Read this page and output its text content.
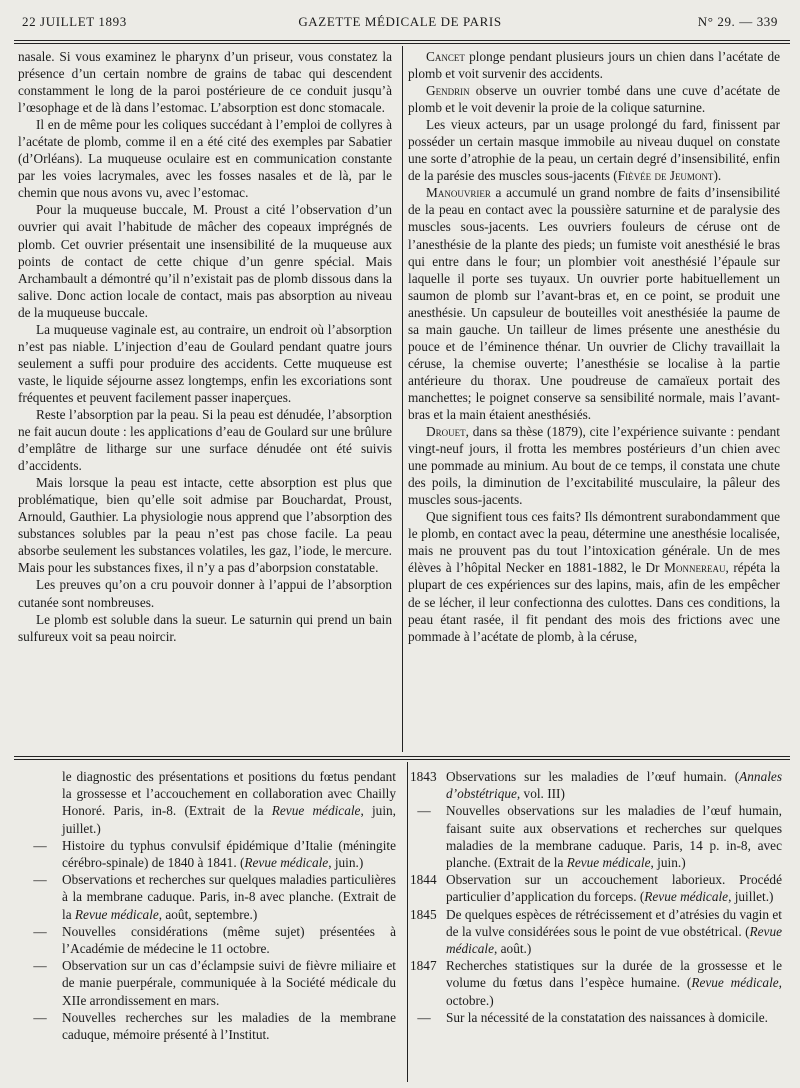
22 JUILLET 1893	GAZETTE MÉDICALE DE PARIS	N° 29. — 339

nasale. Si vous examinez le pharynx d’un priseur, vous constatez la présence d’un certain nombre de grains de tabac qui descendent constamment le long de la paroi postérieure de ce conduit jusqu’à l’œsophage et de là dans l’estomac. L’absorption est donc stomacale.

Il en de même pour les coliques succédant à l’emploi de collyres à l’acétate de plomb, comme il en a été cité des exemples par Sabatier (d’Orléans). La muqueuse oculaire est en communication constante par les voies lacrymales, avec les fosses nasales et de là, par le chemin que nous avons vu, avec l’estomac.

Pour la muqueuse buccale, M. Proust a cité l’observation d’un ouvrier qui avait l’habitude de mâcher des copeaux imprégnés de plomb. Cet ouvrier présentait une insensibilité de la muqueuse aux points de contact de cette chique d’un genre spécial. Mais Archambault a démontré qu’il n’existait pas de plomb dissous dans la salive. Donc action locale de contact, mais pas absorption au niveau de la muqueuse buccale.

La muqueuse vaginale est, au contraire, un endroit où l’absorption n’est pas niable. L’injection d’eau de Goulard pendant quatre jours seulement a suffi pour produire des accidents. Cette muqueuse est vaste, le liquide séjourne assez longtemps, enfin les excoriations sont fréquentes et peuvent facilement passer inaperçues.

Reste l’absorption par la peau. Si la peau est dénudée, l’absorption ne fait aucun doute : les applications d’eau de Goulard sur une brûlure d’emplâtre de litharge sur une surface dénudée ont été suivis d’accidents.

Mais lorsque la peau est intacte, cette absorption est plus que problématique, bien qu’elle soit admise par Bouchardat, Proust, Arnould, Gauthier. La physiologie nous apprend que l’absorption des substances solubles par la peau n’est pas chose facile. La peau absorbe seulement les substances volatiles, les gaz, l’iode, le mercure. Mais pour les substances fixes, il n’y a pas d’aborpsion constatable.

Les preuves qu’on a cru pouvoir donner à l’appui de l’absorption cutanée sont nombreuses.

Le plomb est soluble dans la sueur. Le saturnin qui prend un bain sulfureux voit sa peau noircir.

Cancet plonge pendant plusieurs jours un chien dans l’acétate de plomb et voit survenir des accidents.

Gendrin observe un ouvrier tombé dans une cuve d’acétate de plomb et le voit devenir la proie de la colique saturnine.

Les vieux acteurs, par un usage prolongé du fard, finissent par posséder un certain masque immobile au niveau duquel on constate une sorte d’atrophie de la peau, un certain degré d’insensibilité, enfin de la parésie des muscles sous-jacents (Fièvée de Jeumont).

Manouvrier a accumulé un grand nombre de faits d’insensibilité de la peau en contact avec la poussière saturnine et de paralysie des muscles sous-jacents. Les ouvriers fouleurs de céruse ont de l’anesthésie de la plante des pieds; un fumiste voit anesthésié le bras qui entre dans le four; un plombier voit anesthésié l’épaule sur laquelle il porte ses tuyaux. Un ouvrier porte habituellement un saumon de plomb sur l’avant-bras et, en ce point, se produit une anesthésie. Un capsuleur de bouteilles voit anesthésiée la paume de sa main gauche. Un tailleur de limes présente une anesthésie du pouce et de l’éminence thénar. Un ouvrier de Clichy travaillait la céruse, la chemise ouverte; l’anesthésie se localise à la partie antérieure du thorax. Une poudreuse de camaïeux portait des manchettes; le poignet conserve sa sensibilité normale, mais l’avant-bras et la main étaient anesthésiés.

Drouet, dans sa thèse (1879), cite l’expérience suivante : pendant vingt-neuf jours, il frotta les membres postérieurs d’un chien avec une pommade au minium. Au bout de ce temps, il constata une chute des poils, la diminution de l’excitabilité musculaire, la pâleur des muscles sous-jacents.

Que signifient tous ces faits? Ils démontrent surabondamment que le plomb, en contact avec la peau, détermine une anesthésie localisée, mais ne prouvent pas du tout l’intoxication générale. Un de mes élèves à l’hôpital Necker en 1881-1882, le Dr Monnereau, répéta la plupart de ces expériences sur des lapins, mais, afin de les empêcher de se lécher, il leur confectionna des culottes. Dans ces conditions, la peau étant rasée, il fit pendant des mois des frictions avec une pommade à l’acétate de plomb, à la céruse,

le diagnostic des présentations et positions du fœtus pendant la grossesse et l’accouchement en collaboration avec Chailly Honoré. Paris, in-8. (Extrait de la Revue médicale, juin, juillet.)
—	Histoire du typhus convulsif épidémique d’Italie (méningite cérébro-spinale) de 1840 à 1841. (Revue médicale, juin.)
—	Observations et recherches sur quelques maladies particulières à la membrane caduque. Paris, in-8 avec planche. (Extrait de la Revue médicale, août, septembre.)
—	Nouvelles considérations (même sujet) présentées à l’Académie de médecine le 11 octobre.
—	Observation sur un cas d’éclampsie suivi de fièvre miliaire et de manie puerpérale, communiquée à la Société médicale du XIIe arrondissement en mars.
—	Nouvelles recherches sur les maladies de la membrane caduque, mémoire présenté à l’Institut.
1843 Observations sur les maladies de l’œuf humain. (Annales d’obstétrique, vol. III)
—	Nouvelles observations sur les maladies de l’œuf humain, faisant suite aux observations et recherches sur quelques maladies de la membrane caduque. Paris, 14 p. in-8, avec planche. (Extrait de la Revue médicale, juin.)
1844 Observation sur un accouchement laborieux. Procédé particulier d’application du forceps. (Revue médicale, juillet.)
1845 De quelques espèces de rétrécissement et d’atrésies du vagin et de la vulve considérées sous le point de vue obstétrical. (Revue médicale, août.)
1847 Recherches statistiques sur la durée de la grossesse et le volume du fœtus dans l’espèce humaine. (Revue médicale, octobre.)
—	Sur la nécessité de la constatation des naissances à domicile.
